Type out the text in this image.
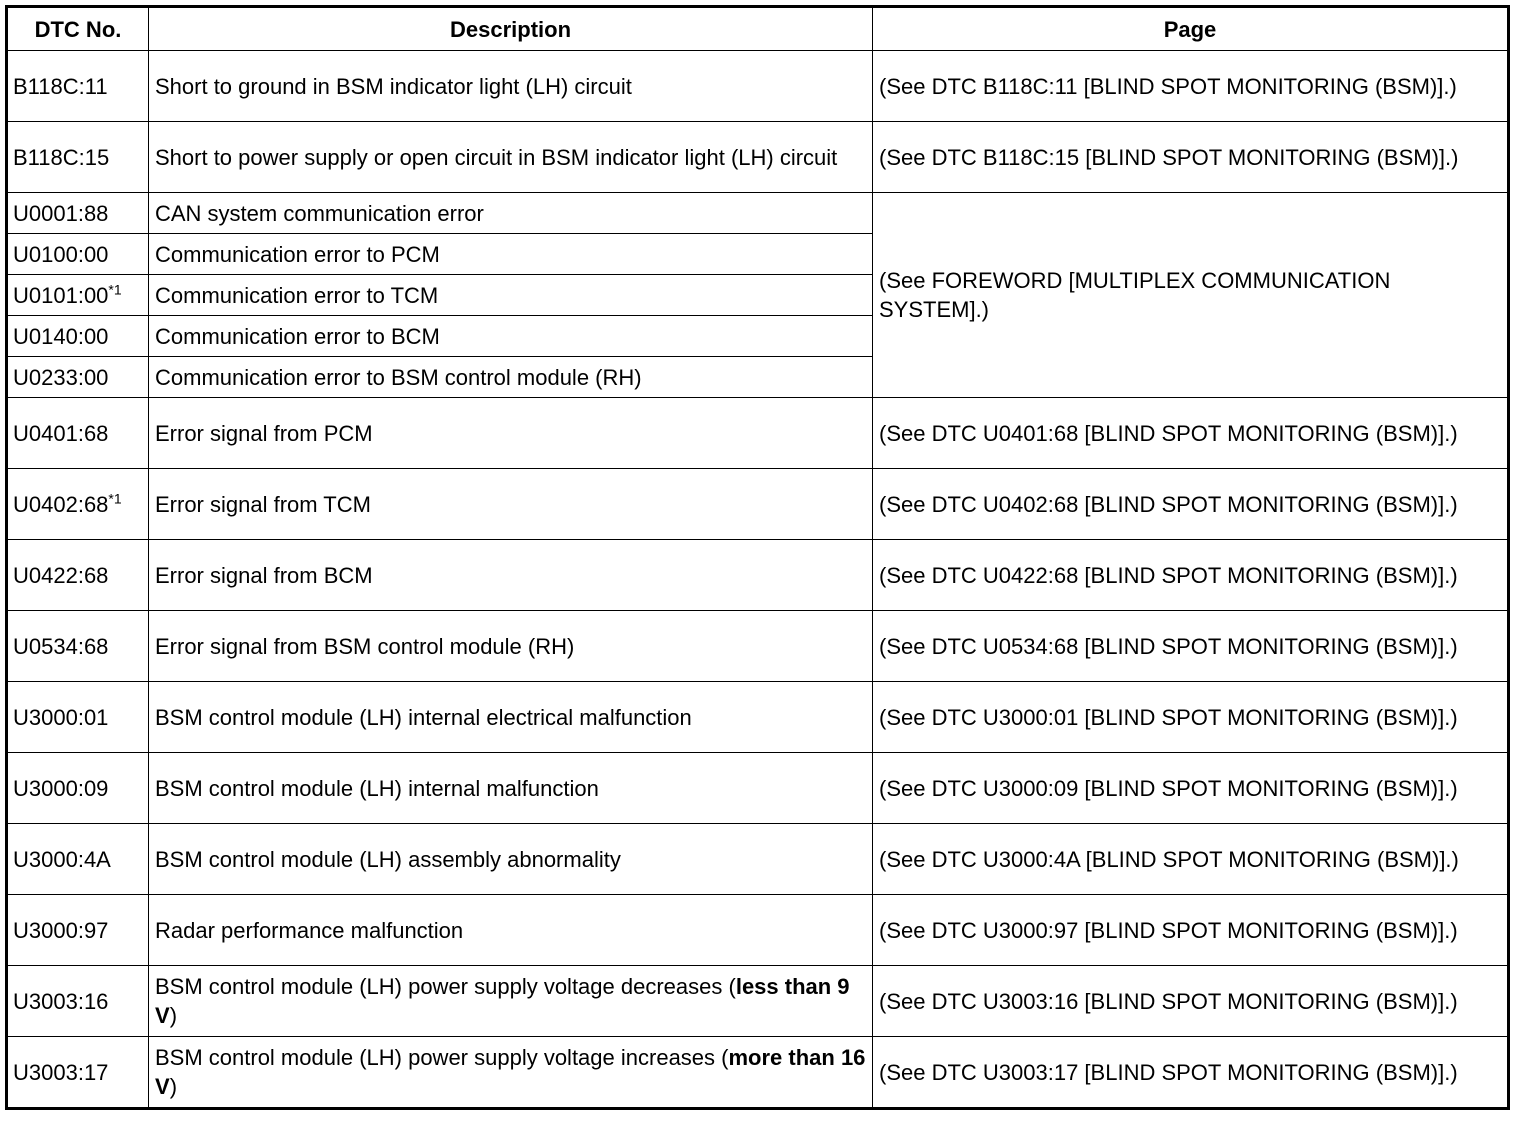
DTC No.	Description	Page
B118C:11	Short to ground in BSM indicator light (LH) circuit	(See DTC B118C:11 [BLIND SPOT MONITORING (BSM)].)
B118C:15	Short to power supply or open circuit in BSM indicator light (LH) circuit	(See DTC B118C:15 [BLIND SPOT MONITORING (BSM)].)
U0001:88	CAN system communication error	(See FOREWORD [MULTIPLEX COMMUNICATION SYSTEM].)
U0100:00	Communication error to PCM	
U0101:00$^{*1}$	Communication error to TCM	
U0140:00	Communication error to BCM	
U0233:00	Communication error to BSM control module (RH)	
U0401:68	Error signal from PCM	(See DTC U0401:68 [BLIND SPOT MONITORING (BSM)].)
U0402:68$^{*1}$	Error signal from TCM	(See DTC U0402:68 [BLIND SPOT MONITORING (BSM)].)
U0422:68	Error signal from BCM	(See DTC U0422:68 [BLIND SPOT MONITORING (BSM)].)
U0534:68	Error signal from BSM control module (RH)	(See DTC U0534:68 [BLIND SPOT MONITORING (BSM)].)
U3000:01	BSM control module (LH) internal electrical malfunction	(See DTC U3000:01 [BLIND SPOT MONITORING (BSM)].)
U3000:09	BSM control module (LH) internal malfunction	(See DTC U3000:09 [BLIND SPOT MONITORING (BSM)].)
U3000:4A	BSM control module (LH) assembly abnormality	(See DTC U3000:4A [BLIND SPOT MONITORING (BSM)].)
U3000:97	Radar performance malfunction	(See DTC U3000:97 [BLIND SPOT MONITORING (BSM)].)
U3003:16	BSM control module (LH) power supply voltage decreases (less than 9 V)	(See DTC U3003:16 [BLIND SPOT MONITORING (BSM)].)
U3003:17	BSM control module (LH) power supply voltage increases (more than 16 V)	(See DTC U3003:17 [BLIND SPOT MONITORING (BSM)].)
